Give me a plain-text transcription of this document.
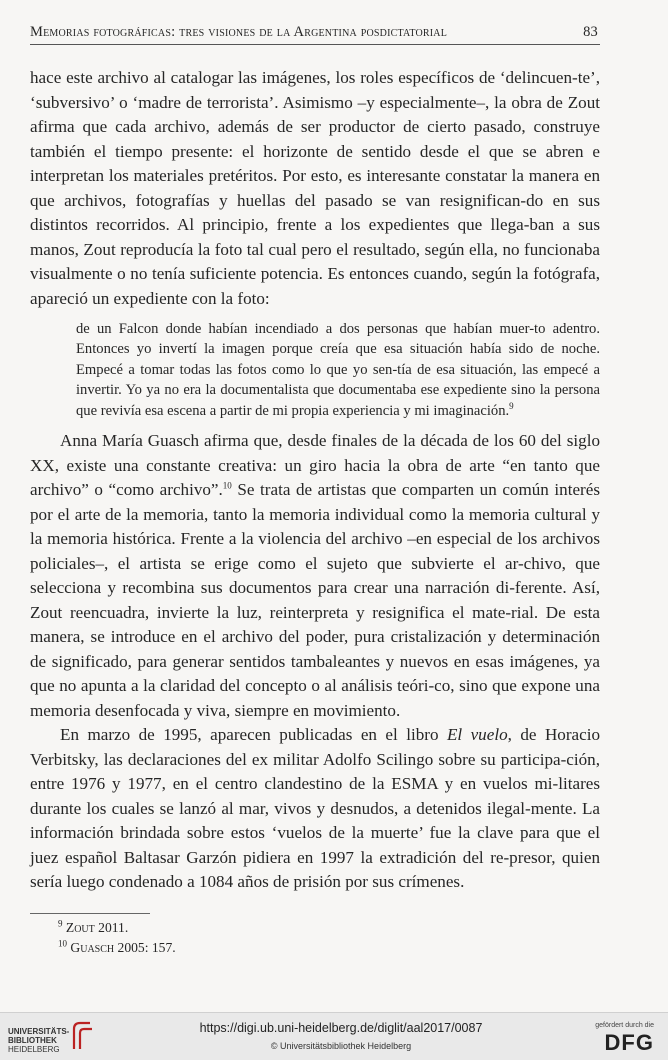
Memorias fotográficas: tres visiones de la Argentina posdictatorial	83

hace este archivo al catalogar las imágenes, los roles específicos de ‘delincuen-te’, ‘subversivo’ o ‘madre de terrorista’. Asimismo –y especialmente–, la obra de Zout afirma que cada archivo, además de ser productor de cierto pasado, construye también el tiempo presente: el horizonte de sentido desde el que se abren e interpretan los materiales pretéritos. Por esto, es interesante constatar la manera en que archivos, fotografías y huellas del pasado se van resignifican-do en sus distintos recorridos. Al principio, frente a los expedientes que llega-ban a sus manos, Zout reproducía la foto tal cual pero el resultado, según ella, no funcionaba visualmente o no tenía suficiente potencia. Es entonces cuando, según la fotógrafa, apareció un expediente con la foto:

de un Falcon donde habían incendiado a dos personas que habían muer-to adentro. Entonces yo invertí la imagen porque creía que esa situación había sido de noche. Empecé a tomar todas las fotos como lo que yo sen-tía de esa situación, las empecé a invertir. Yo ya no era la documentalista que documentaba ese expediente sino la persona que revivía esa escena a partir de mi propia experiencia y mi imaginación.$^9$

Anna María Guasch afirma que, desde finales de la década de los 60 del siglo XX, existe una constante creativa: un giro hacia la obra de arte “en tanto que archivo” o “como archivo”.$^{10}$ Se trata de artistas que comparten un común interés por el arte de la memoria, tanto la memoria individual como la memoria cultural y la memoria histórica. Frente a la violencia del archivo –en especial de los archivos policiales–, el artista se erige como el sujeto que subvierte el ar-chivo, que selecciona y recombina sus documentos para crear una narración di-ferente. Así, Zout reencuadra, invierte la luz, reinterpreta y resignifica el mate-rial. De esta manera, se introduce en el archivo del poder, pura cristalización y determinación de significado, para generar sentidos tambaleantes y nuevos en esas imágenes, ya que no apunta a la claridad del concepto o al análisis teóri-co, sino que expone una memoria desenfocada y viva, siempre en movimiento.

En marzo de 1995, aparecen publicadas en el libro El vuelo, de Horacio Verbitsky, las declaraciones del ex militar Adolfo Scilingo sobre su participa-ción, entre 1976 y 1977, en el centro clandestino de la ESMA y en vuelos mi-litares durante los cuales se lanzó al mar, vivos y desnudos, a detenidos ilegal-mente. La información brindada sobre estos ‘vuelos de la muerte’ fue la clave para que el juez español Baltasar Garzón pidiera en 1997 la extradición del re-presor, quien sería luego condenado a 1084 años de prisión por sus crímenes.

$^9$ Zout 2011.
$^{10}$ Guasch 2005: 157.
UNIVERSITÄTS-
BIBLIOTHEK
HEIDELBERG
https://digi.ub.uni-heidelberg.de/diglit/aal2017/0087
© Universitätsbibliothek Heidelberg
gefördert durch die
DFG
